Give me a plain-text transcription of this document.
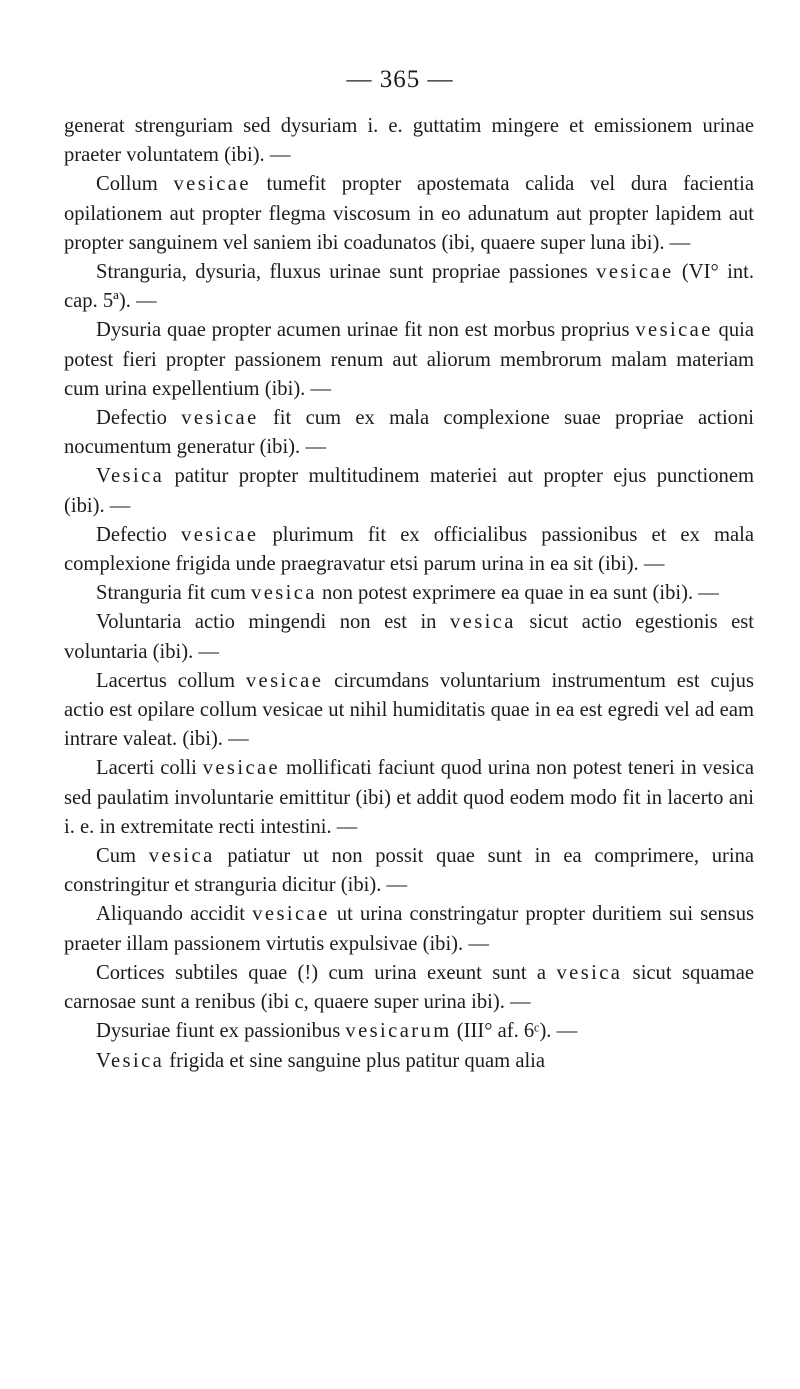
— 365 —

generat strenguriam sed dysuriam i. e. guttatim mingere et emissionem urinae praeter voluntatem (ibi). —

Collum vesicae tumefit propter apostemata calida vel dura facientia opilationem aut propter flegma viscosum in eo adunatum aut propter lapidem aut propter sanguinem vel saniem ibi coadunatos (ibi, quaere super luna ibi). —

Stranguria, dysuria, fluxus urinae sunt propriae passiones vesicae (VI° int. cap. 5ª). —

Dysuria quae propter acumen urinae fit non est morbus proprius vesicae quia potest fieri propter passionem renum aut aliorum membrorum malam materiam cum urina expellentium (ibi). —

Defectio vesicae fit cum ex mala complexione suae propriae actioni nocumentum generatur (ibi). —

Vesica patitur propter multitudinem materiei aut propter ejus punctionem (ibi). —

Defectio vesicae plurimum fit ex officialibus passionibus et ex mala complexione frigida unde praegravatur etsi parum urina in ea sit (ibi). —

Stranguria fit cum vesica non potest exprimere ea quae in ea sunt (ibi). —

Voluntaria actio mingendi non est in vesica sicut actio egestionis est voluntaria (ibi). —

Lacertus collum vesicae circumdans voluntarium instrumentum est cujus actio est opilare collum vesicae ut nihil humiditatis quae in ea est egredi vel ad eam intrare valeat. (ibi). —

Lacerti colli vesicae mollificati faciunt quod urina non potest teneri in vesica sed paulatim involuntarie emittitur (ibi) et addit quod eodem modo fit in lacerto ani i. e. in extremitate recti intestini. —

Cum vesica patiatur ut non possit quae sunt in ea comprimere, urina constringitur et stranguria dicitur (ibi). —

Aliquando accidit vesicae ut urina constringatur propter duritiem sui sensus praeter illam passionem virtutis expulsivae (ibi). —

Cortices subtiles quae (!) cum urina exeunt sunt a vesica sicut squamae carnosae sunt a renibus (ibi c, quaere super urina ibi). —

Dysuriae fiunt ex passionibus vesicarum (III° af. 6ᶜ). —

Vesica frigida et sine sanguine plus patitur quam alia
